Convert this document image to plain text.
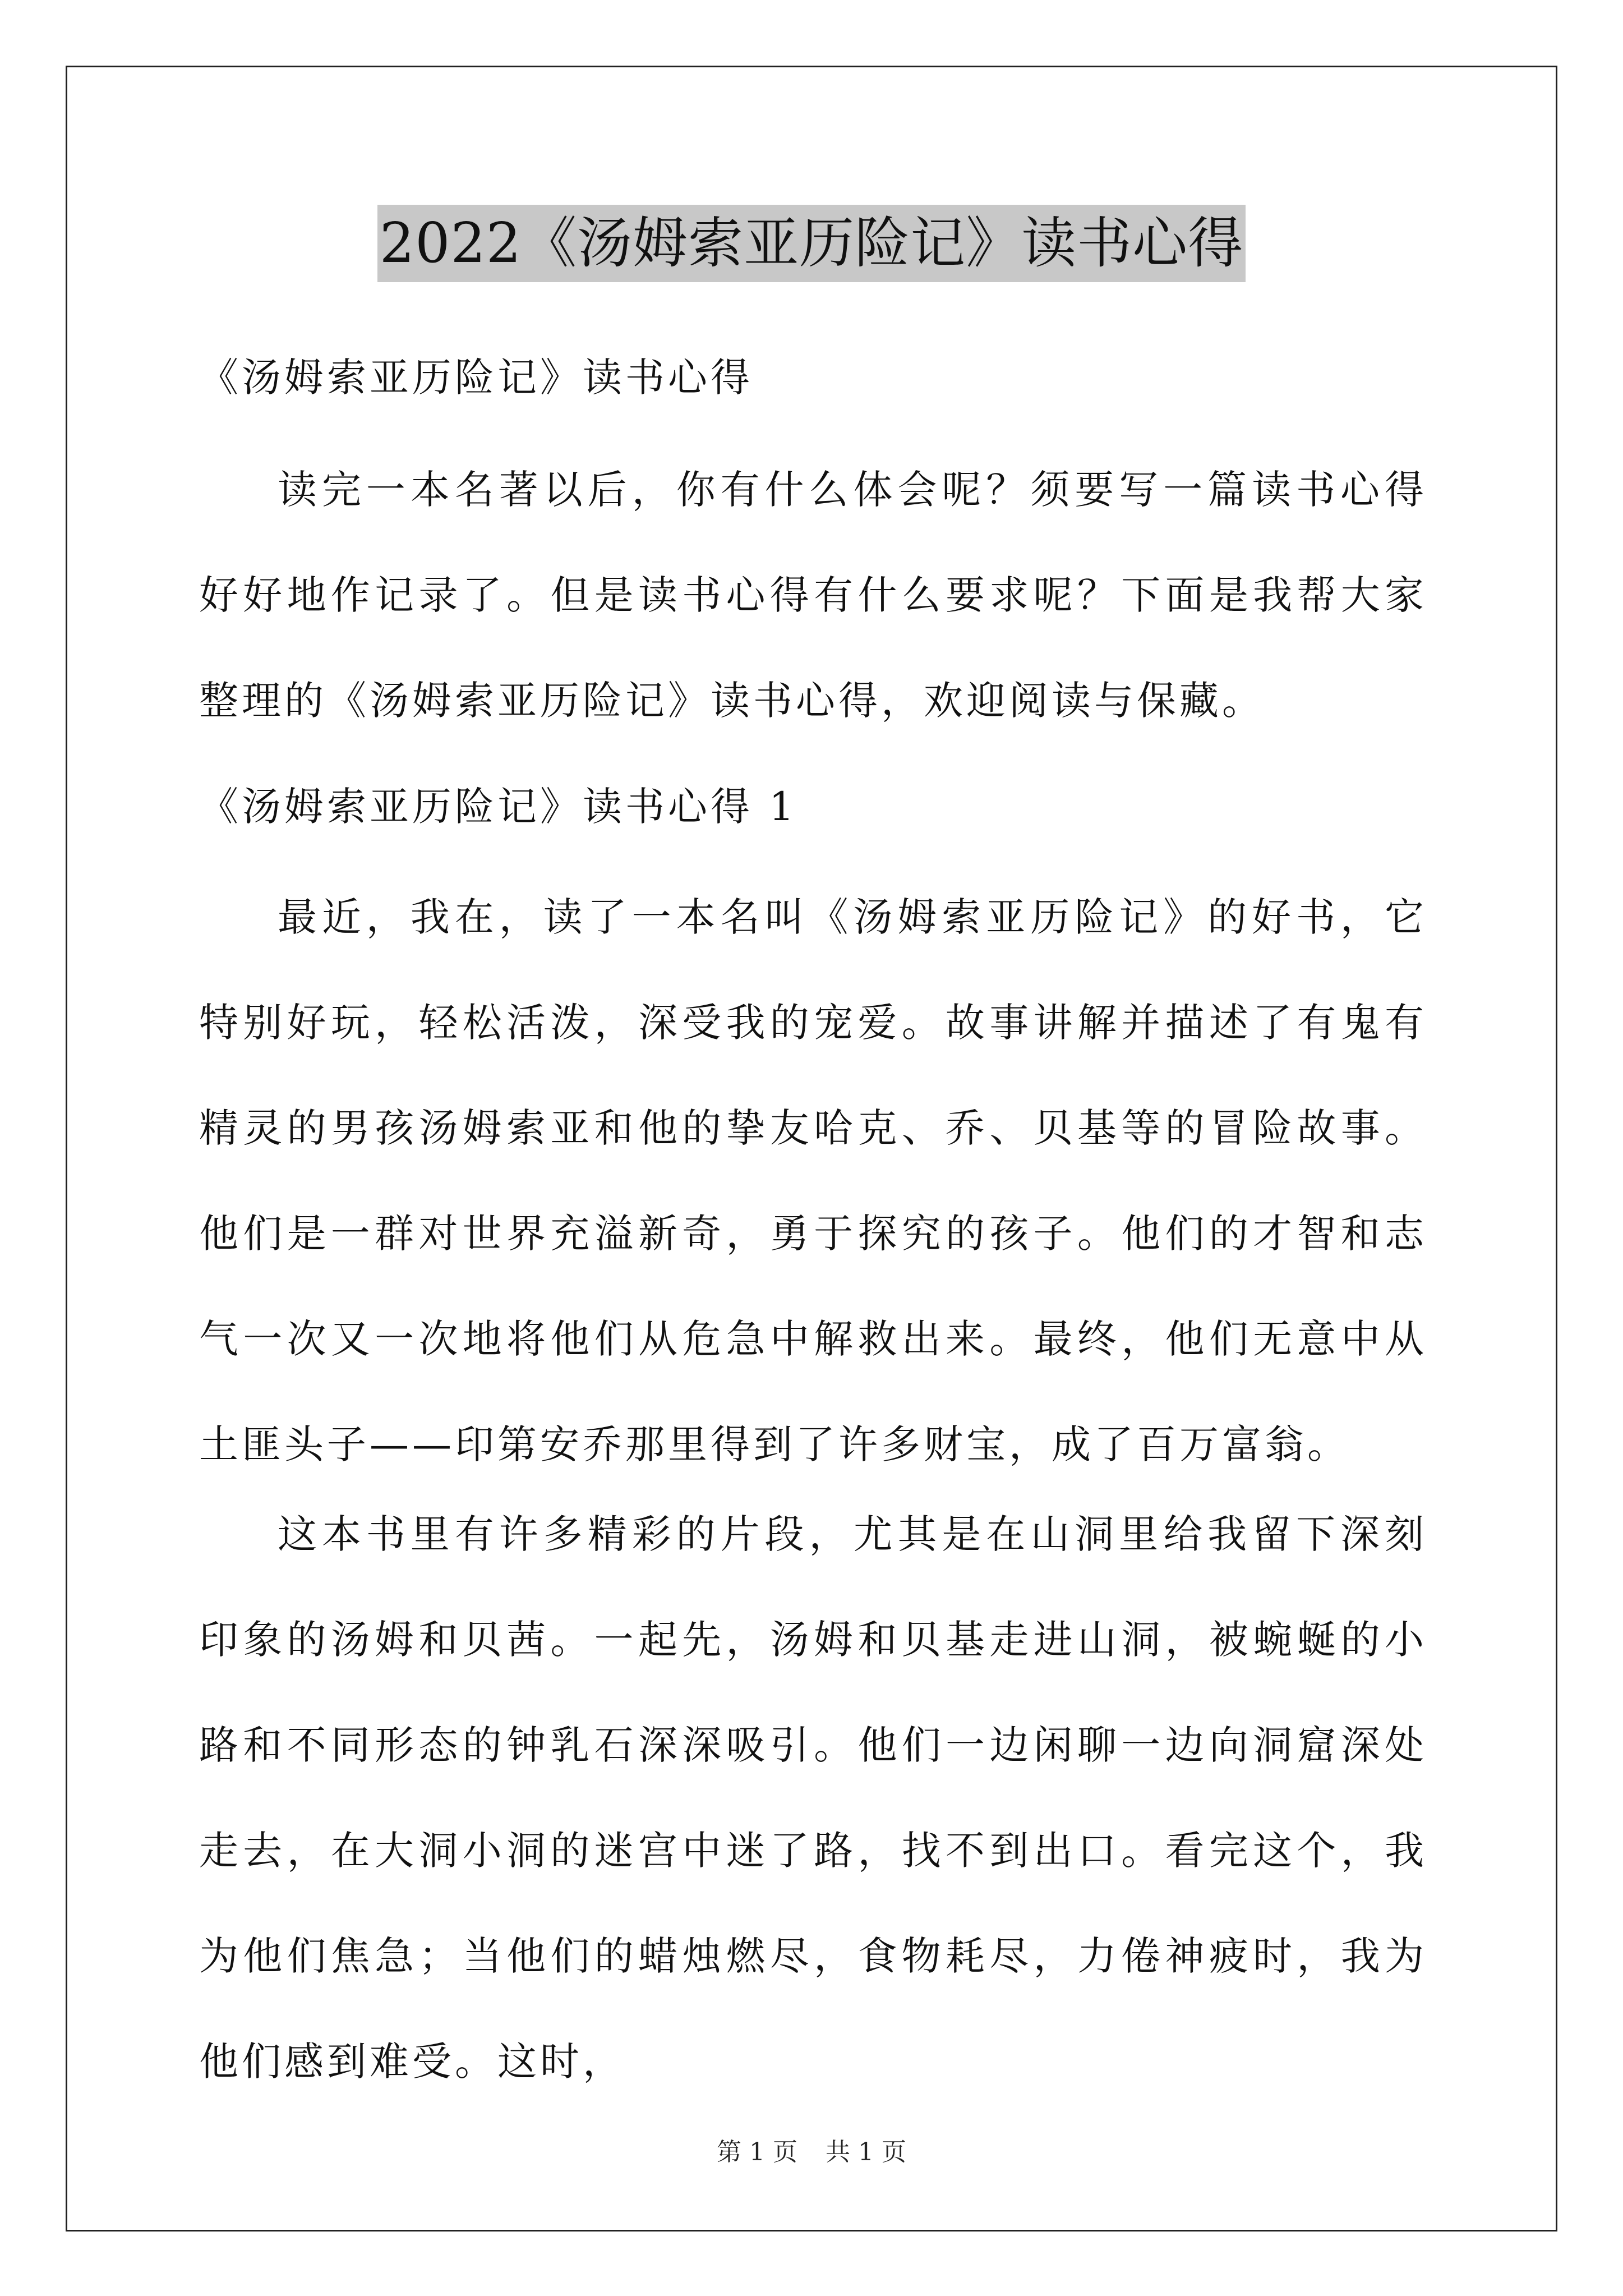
2022《汤姆索亚历险记》读书心得
《汤姆索亚历险记》读书心得
读完一本名著以后，你有什么体会呢？须要写一篇读书心得好好地作记录了。但是读书心得有什么要求呢？下面是我帮大家整理的《汤姆索亚历险记》读书心得，欢迎阅读与保藏。
《汤姆索亚历险记》读书心得 1
最近，我在，读了一本名叫《汤姆索亚历险记》的好书，它特别好玩，轻松活泼，深受我的宠爱。故事讲解并描述了有鬼有精灵的男孩汤姆索亚和他的挚友哈克、乔、贝基等的冒险故事。他们是一群对世界充溢新奇，勇于探究的孩子。他们的才智和志气一次又一次地将他们从危急中解救出来。最终，他们无意中从土匪头子——印第安乔那里得到了许多财宝，成了百万富翁。
这本书里有许多精彩的片段，尤其是在山洞里给我留下深刻印象的汤姆和贝茜。一起先，汤姆和贝基走进山洞，被蜿蜒的小路和不同形态的钟乳石深深吸引。他们一边闲聊一边向洞窟深处走去，在大洞小洞的迷宫中迷了路，找不到出口。看完这个，我为他们焦急；当他们的蜡烛燃尽，食物耗尽，力倦神疲时，我为他们感到难受。这时，
第 1 页 共 1 页
